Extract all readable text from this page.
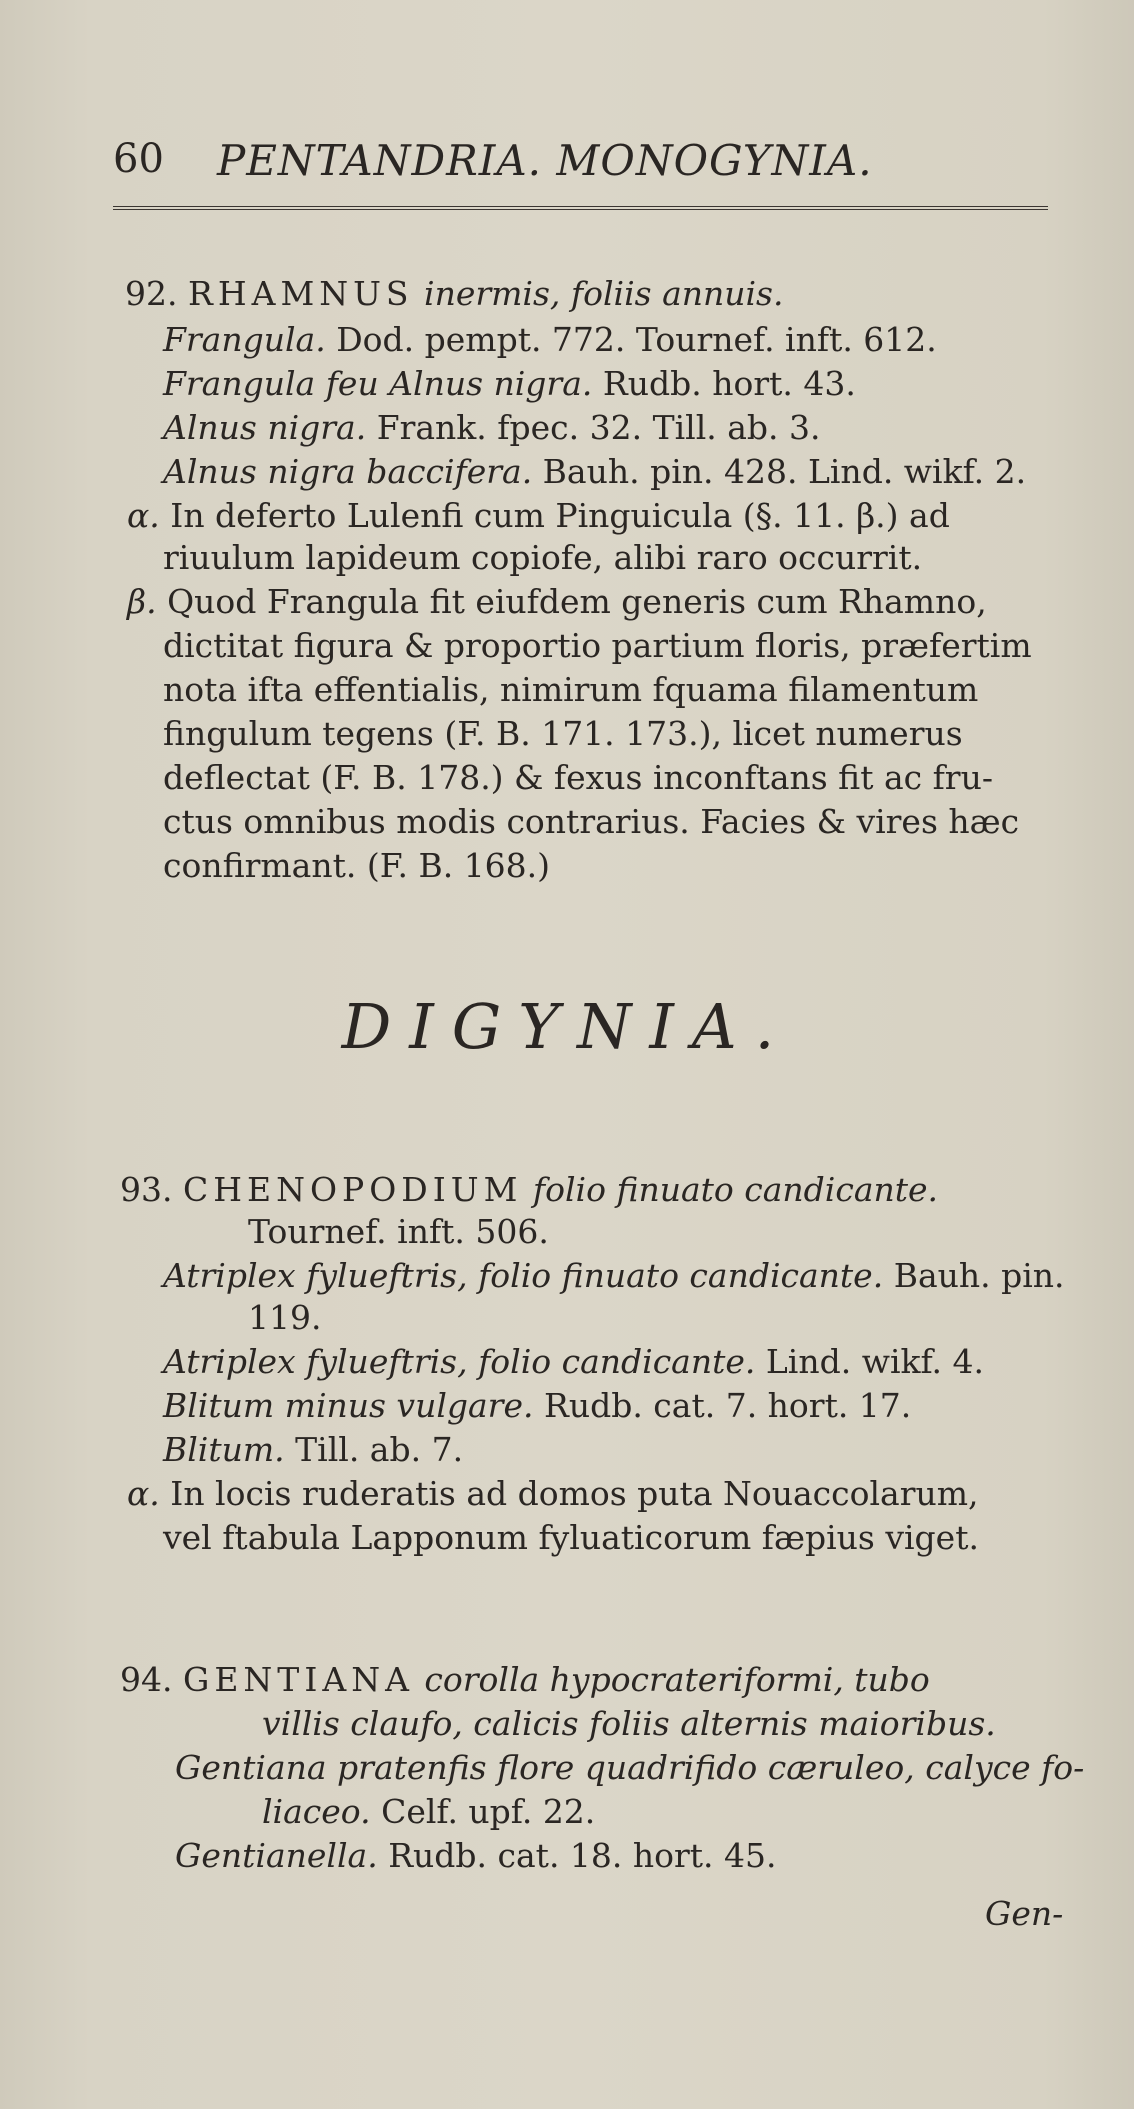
60 PENTANDRIA. MONOGYNIA.
92. RHAMNUS inermis, foliis annuis.
Frangula. Dod. pempt. 772. Tournef. inft. 612.
Frangula feu Alnus nigra. Rudb. hort. 43.
Alnus nigra. Frank. fpec. 32. Till. ab. 3.
Alnus nigra baccifera. Bauh. pin. 428. Lind. wikf. 2.
α. In deferto Lulenfi cum Pinguicula (§. 11. β.) ad
riuulum lapideum copiofe, alibi raro occurrit.
β. Quod Frangula fit eiufdem generis cum Rhamno,
dictitat figura & proportio partium floris, præfertim
nota ifta effentialis, nimirum fquama filamentum
fingulum tegens (F. B. 171. 173.), licet numerus
deflectat (F. B. 178.) & fexus inconftans fit ac fru-
ctus omnibus modis contrarius. Facies & vires hæc
confirmant. (F. B. 168.)
DIGYNIA.
93. CHENOPODIUM folio finuato candicante.
Tournef. inft. 506.
Atriplex fylueftris, folio finuato candicante. Bauh. pin.
119.
Atriplex fylueftris, folio candicante. Lind. wikf. 4.
Blitum minus vulgare. Rudb. cat. 7. hort. 17.
Blitum. Till. ab. 7.
α. In locis ruderatis ad domos puta Nouaccolarum,
vel ftabula Lapponum fyluaticorum fæpius viget.
94. GENTIANA corolla hypocrateriformi, tubo
villis claufo, calicis foliis alternis maioribus.
Gentiana pratenfis flore quadrifido cæruleo, calyce fo-
liaceo. Celf. upf. 22.
Gentianella. Rudb. cat. 18. hort. 45.
Gen-
